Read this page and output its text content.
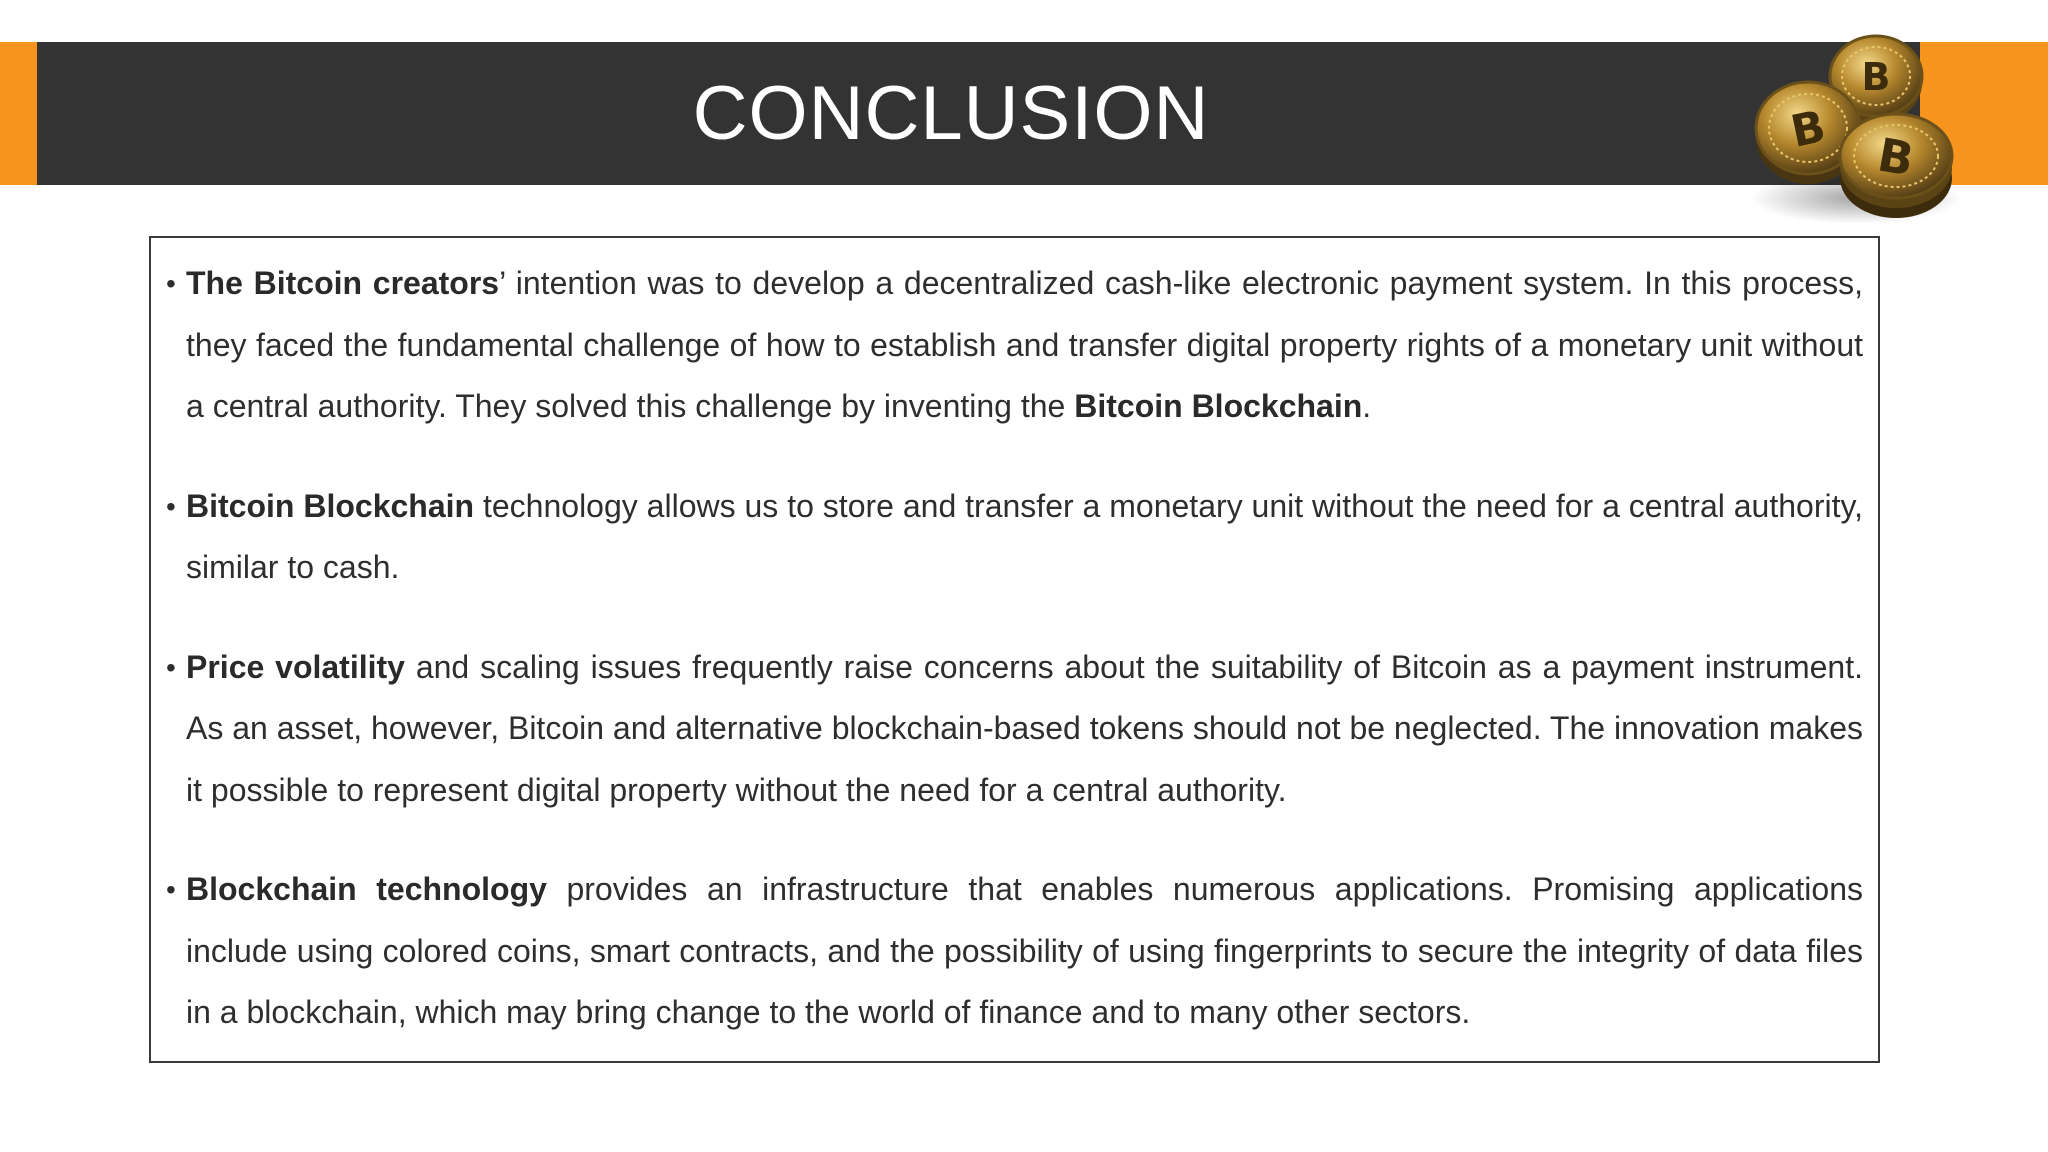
CONCLUSION	B
B B
• The Bitcoin creators’ intention was to develop a decentralized cash-like electronic payment system. In this process, they faced the fundamental challenge of how to establish and transfer digital property rights of a monetary unit without a central authority. They solved this challenge by inventing the Bitcoin Blockchain.
• Bitcoin Blockchain technology allows us to store and transfer a monetary unit without the need for a central authority, similar to cash.
• Price volatility and scaling issues frequently raise concerns about the suitability of Bitcoin as a payment instrument. As an asset, however, Bitcoin and alternative blockchain-based tokens should not be neglected. The innovation makes it possible to represent digital property without the need for a central authority.
• Blockchain technology provides an infrastructure that enables numerous applications. Promising applications include using colored coins, smart contracts, and the possibility of using fingerprints to secure the integrity of data files in a blockchain, which may bring change to the world of finance and to many other sectors.
